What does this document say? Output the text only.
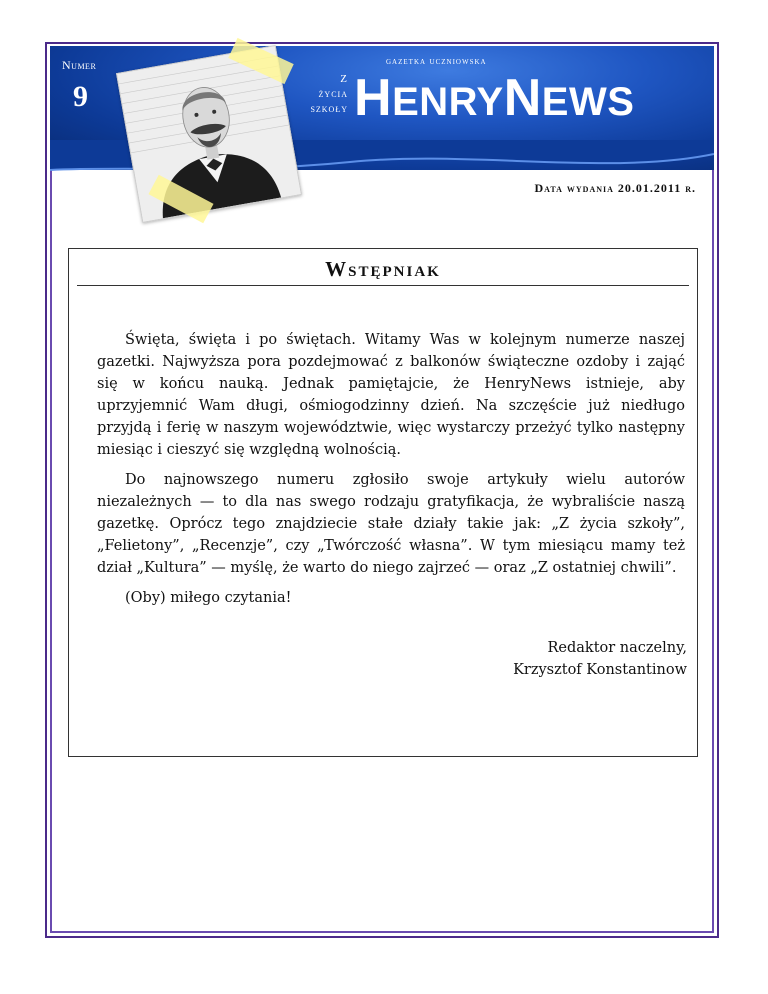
Numer
9
Z
życia
szkoły
gazetka uczniowska
HENRYNEWS
Data wydania 20.01.2011 r.
Wstępniak

Święta, święta i po świętach. Witamy Was w kolejnym numerze naszej gazetki. Najwyższa pora pozdejmować z balkonów świąteczne ozdoby i zająć się w końcu nauką. Jednak pamiętajcie, że HenryNews istnieje, aby uprzyjemnić Wam długi, ośmiogodzinny dzień. Na szczęście już niedługo przyjdą i ferię w naszym województwie, więc wystarczy przeżyć tylko następny miesiąc i cieszyć się względną wolnością.

Do najnowszego numeru zgłosiło swoje artykuły wielu autorów niezależnych — to dla nas swego rodzaju gratyfikacja, że wybraliście naszą gazetkę. Oprócz tego znajdziecie stałe działy takie jak: „Z życia szkoły”, „Felietony”, „Recenzje”, czy „Twórczość własna”. W tym miesiącu mamy też dział „Kultura” — myślę, że warto do niego zajrzeć — oraz „Z ostatniej chwili”.

(Oby) miłego czytania!

Redaktor naczelny,
Krzysztof Konstantinow
